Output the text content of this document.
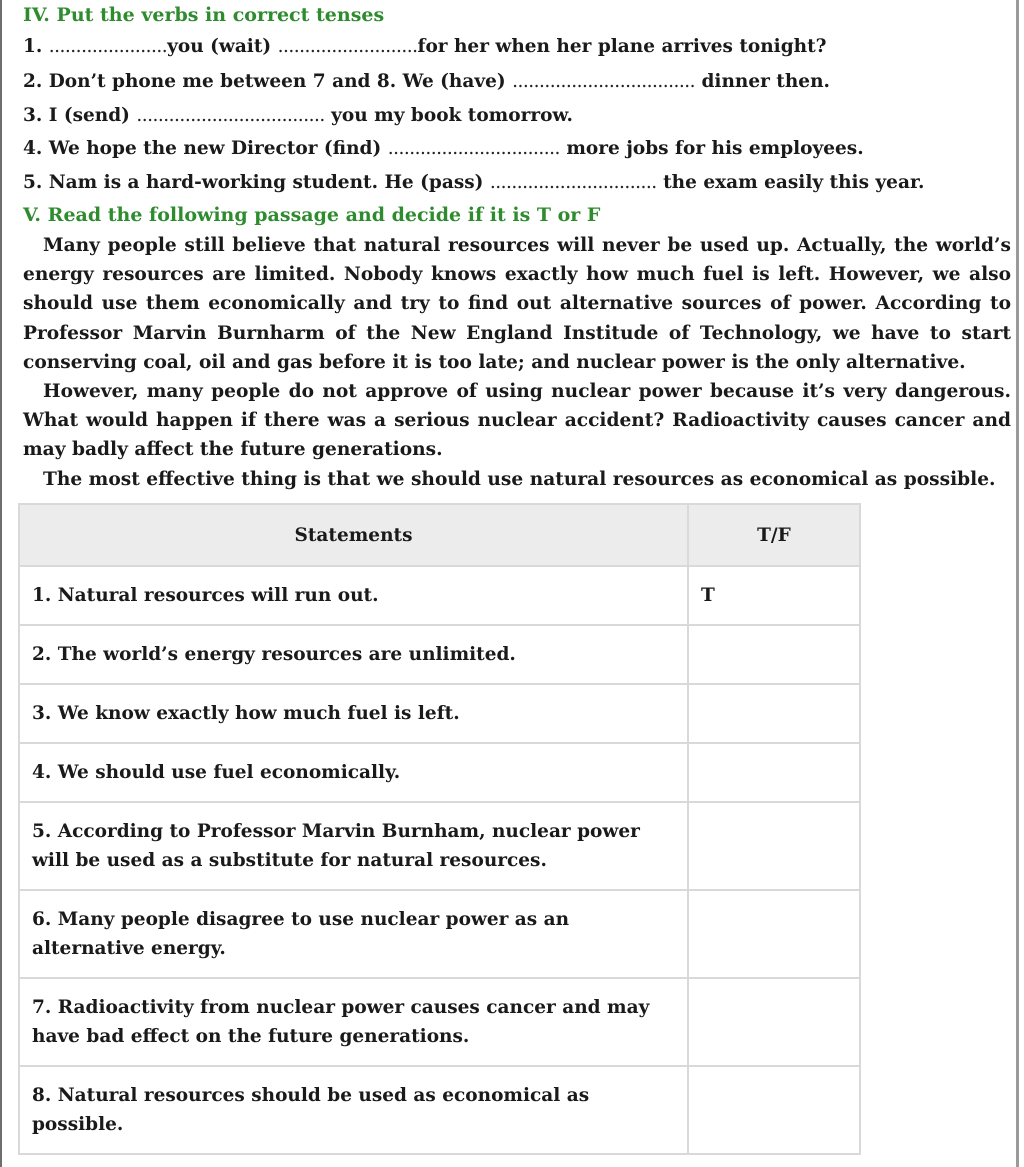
IV. Put the verbs in correct tenses
1. ......................you (wait) ..........................for her when her plane arrives tonight?
2. Don’t phone me between 7 and 8. We (have) .................................. dinner then.
3. I (send) ................................... you my book tomorrow.
4. We hope the new Director (find) ................................ more jobs for his employees.
5. Nam is a hard-working student. He (pass) ............................... the exam easily this year.
V. Read the following passage and decide if it is T or F

Many people still believe that natural resources will never be used up. Actually, the world’s energy resources are limited. Nobody knows exactly how much fuel is left. However, we also should use them economically and try to find out alternative sources of power. According to Professor Marvin Burnharm of the New England Institude of Technology, we have to start conserving coal, oil and gas before it is too late; and nuclear power is the only alternative.

However, many people do not approve of using nuclear power because it’s very dangerous. What would happen if there was a serious nuclear accident? Radioactivity causes cancer and may badly affect the future generations.

The most effective thing is that we should use natural resources as economical as possible.

Statements	T/F
1. Natural resources will run out.	T
2. The world’s energy resources are unlimited.	
3. We know exactly how much fuel is left.	
4. We should use fuel economically.	
5. According to Professor Marvin Burnham, nuclear power will be used as a substitute for natural resources.	
6. Many people disagree to use nuclear power as an alternative energy.	
7. Radioactivity from nuclear power causes cancer and may have bad effect on the future generations.	
8. Natural resources should be used as economical as possible.	
